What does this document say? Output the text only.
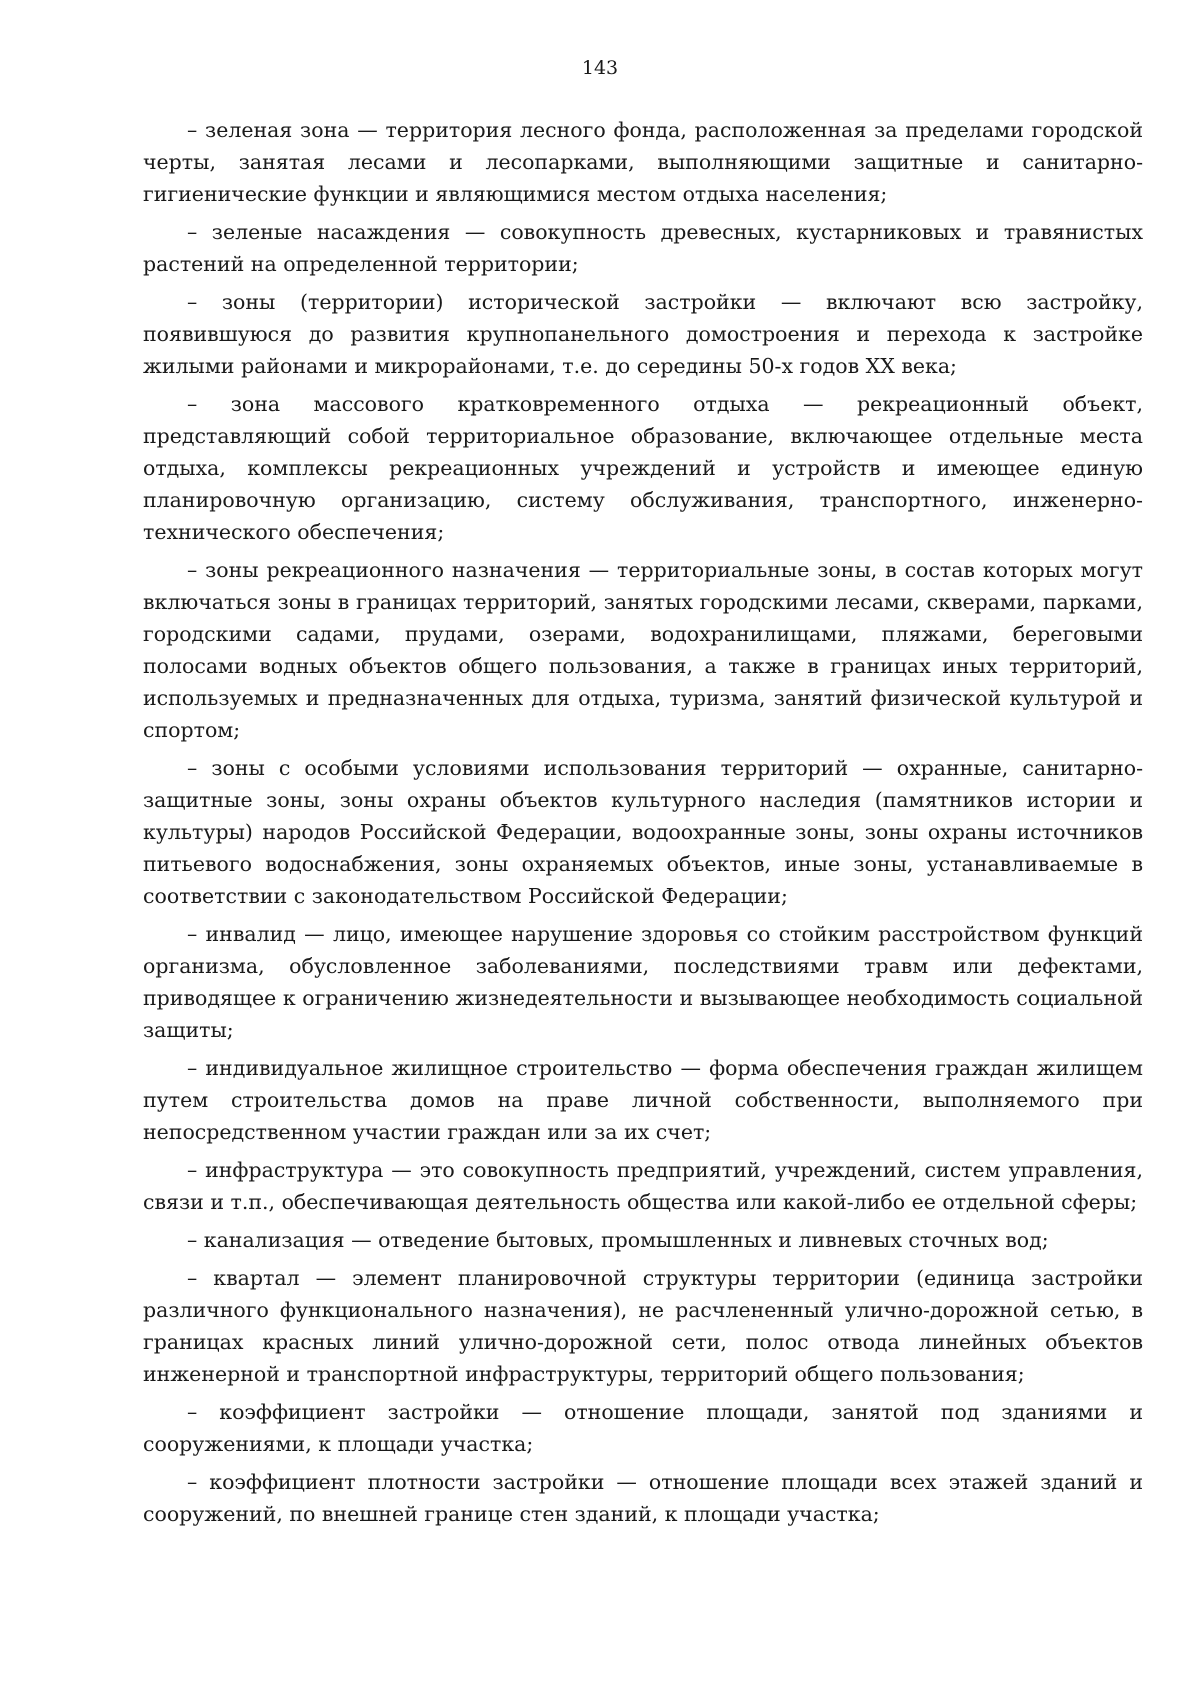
143

– зеленая зона — территория лесного фонда, расположенная за пределами городской черты, занятая лесами и лесопарками, выполняющими защитные и санитарно-гигиенические функции и являющимися местом отдыха населения;

– зеленые насаждения — совокупность древесных, кустарниковых и травянистых растений на определенной территории;

– зоны (территории) исторической застройки — включают всю застройку, появившуюся до развития крупнопанельного домостроения и перехода к застройке жилыми районами и микрорайонами, т.е. до середины 50-х годов XX века;

– зона массового кратковременного отдыха — рекреационный объект, представляющий собой территориальное образование, включающее отдельные места отдыха, комплексы рекреационных учреждений и устройств и имеющее единую планировочную организацию, систему обслуживания, транспортного, инженерно-технического обеспечения;

– зоны рекреационного назначения — территориальные зоны, в состав которых могут включаться зоны в границах территорий, занятых городскими лесами, скверами, парками, городскими садами, прудами, озерами, водохранилищами, пляжами, береговыми полосами водных объектов общего пользования, а также в границах иных территорий, используемых и предназначенных для отдыха, туризма, занятий физической культурой и спортом;

– зоны с особыми условиями использования территорий — охранные, санитарно-защитные зоны, зоны охраны объектов культурного наследия (памятников истории и культуры) народов Российской Федерации, водоохранные зоны, зоны охраны источников питьевого водоснабжения, зоны охраняемых объектов, иные зоны, устанавливаемые в соответствии с законодательством Российской Федерации;

– инвалид — лицо, имеющее нарушение здоровья со стойким расстройством функций организма, обусловленное заболеваниями, последствиями травм или дефектами, приводящее к ограничению жизнедеятельности и вызывающее необходимость социальной защиты;

– индивидуальное жилищное строительство — форма обеспечения граждан жилищем путем строительства домов на праве личной собственности, выполняемого при непосредственном участии граждан или за их счет;

– инфраструктура — это совокупность предприятий, учреждений, систем управления, связи и т.п., обеспечивающая деятельность общества или какой-либо ее отдельной сферы;

– канализация — отведение бытовых, промышленных и ливневых сточных вод;

– квартал — элемент планировочной структуры территории (единица застройки различного функционального назначения), не расчлененный улично-дорожной сетью, в границах красных линий улично-дорожной сети, полос отвода линейных объектов инженерной и транспортной инфраструктуры, территорий общего пользования;

– коэффициент застройки — отношение площади, занятой под зданиями и сооружениями, к площади участка;

– коэффициент плотности застройки — отношение площади всех этажей зданий и сооружений, по внешней границе стен зданий, к площади участка;
